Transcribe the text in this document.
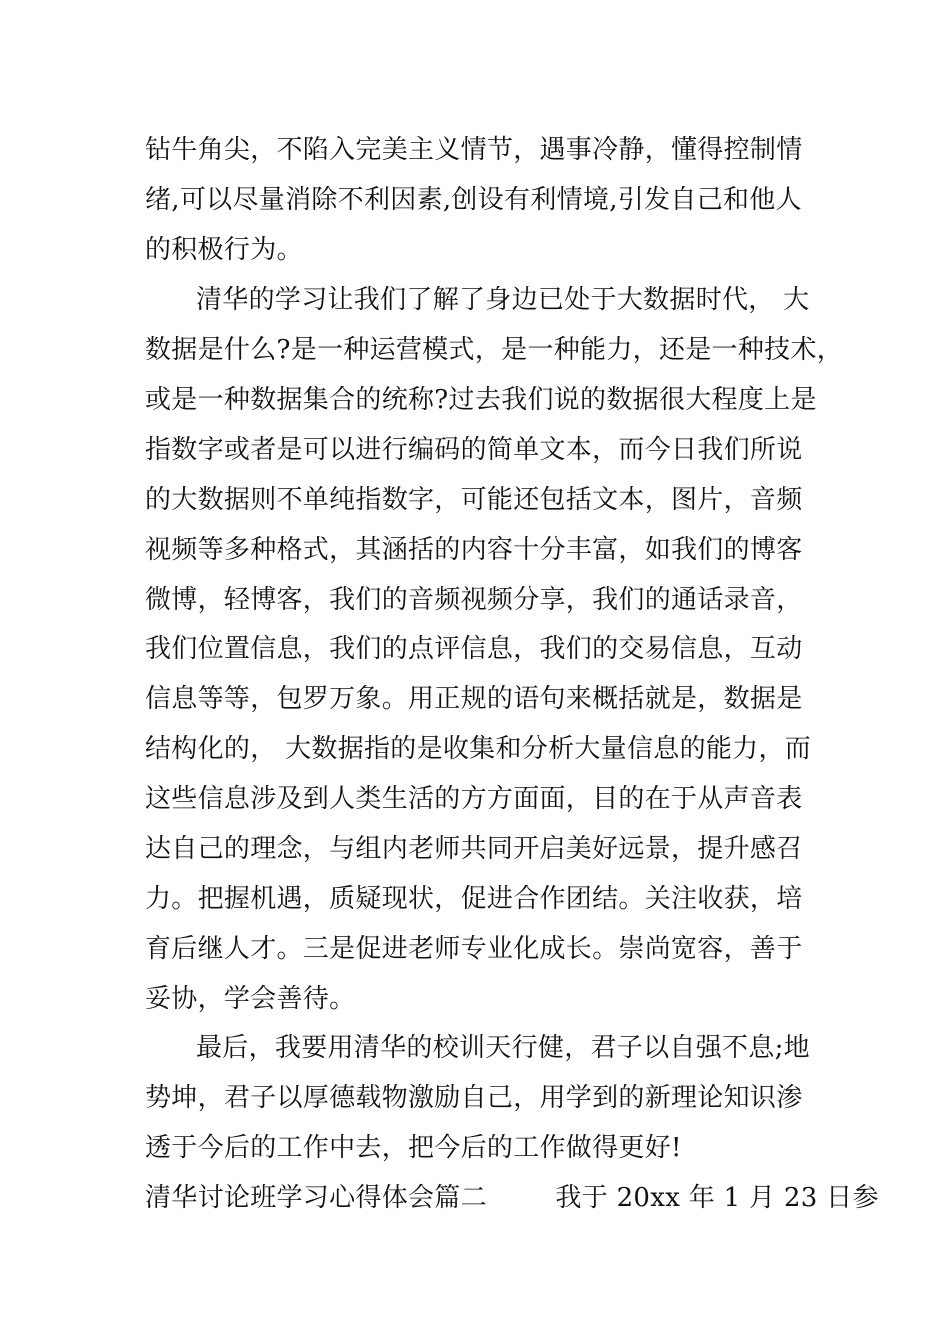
钻牛角尖，不陷入完美主义情节，遇事冷静，懂得控制情
绪,可以尽量消除不利因素,创设有利情境,引发自己和他人
的积极行为。
清华的学习让我们了解了身边已处于大数据时代， 大
数据是什么?是一种运营模式，是一种能力，还是一种技术，
或是一种数据集合的统称?过去我们说的数据很大程度上是
指数字或者是可以进行编码的简单文本，而今日我们所说
的大数据则不单纯指数字，可能还包括文本，图片，音频
视频等多种格式，其涵括的内容十分丰富，如我们的博客
微博，轻博客，我们的音频视频分享，我们的通话录音，
我们位置信息，我们的点评信息，我们的交易信息，互动
信息等等，包罗万象。用正规的语句来概括就是，数据是
结构化的， 大数据指的是收集和分析大量信息的能力，而
这些信息涉及到人类生活的方方面面，目的在于从声音表
达自己的理念，与组内老师共同开启美好远景，提升感召
力。把握机遇，质疑现状，促进合作团结。关注收获，培
育后继人才。三是促进老师专业化成长。崇尚宽容，善于
妥协，学会善待。
最后，我要用清华的校训天行健，君子以自强不息;地
势坤，君子以厚德载物激励自己，用学到的新理论知识渗
透于今后的工作中去，把今后的工作做得更好!
清华讨论班学习心得体会篇二        我于 20xx 年 1 月 23 日参
